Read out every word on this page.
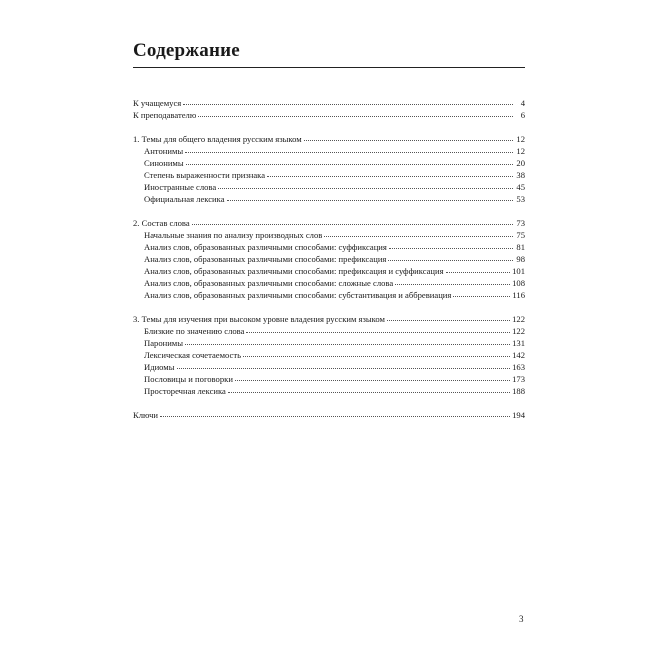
Содержание
К учащемуся	4
К преподавателю	6
1. Темы для общего владения русским языком	12
Антонимы	12
Синонимы	20
Степень выраженности признака	38
Иностранные слова	45
Официальная лексика	53
2. Состав слова	73
Начальные знания по анализу производных слов	75
Анализ слов, образованных различными способами: суффиксация	81
Анализ слов, образованных различными способами: префиксация	98
Анализ слов, образованных различными способами: префиксация и суффиксация	101
Анализ слов, образованных различными способами: сложные слова	108
Анализ слов, образованных различными способами: субстантивация и аббревиация	116
3. Темы для изучения при высоком уровне владения русским языком	122
Близкие по значению слова	122
Паронимы	131
Лексическая сочетаемость	142
Идиомы	163
Пословицы и поговорки	173
Просторечная лексика	188
Ключи	194
3
